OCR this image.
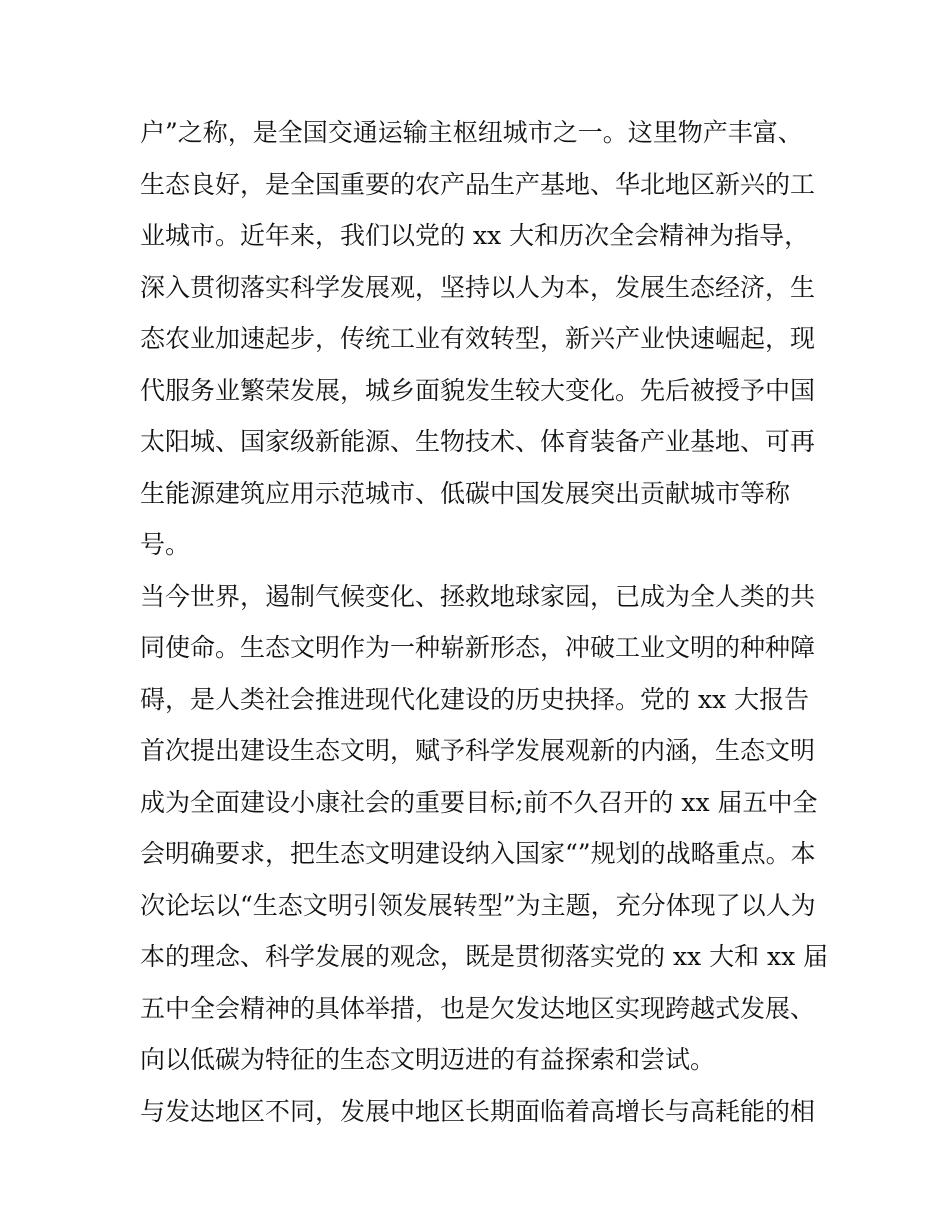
户”之称，是全国交通运输主枢纽城市之一。这里物产丰富、

生态良好，是全国重要的农产品生产基地、华北地区新兴的工

业城市。近年来，我们以党的 xx 大和历次全会精神为指导，

深入贯彻落实科学发展观，坚持以人为本，发展生态经济，生

态农业加速起步，传统工业有效转型，新兴产业快速崛起，现

代服务业繁荣发展，城乡面貌发生较大变化。先后被授予中国

太阳城、国家级新能源、生物技术、体育装备产业基地、可再

生能源建筑应用示范城市、低碳中国发展突出贡献城市等称

号。

当今世界，遏制气候变化、拯救地球家园，已成为全人类的共

同使命。生态文明作为一种崭新形态，冲破工业文明的种种障

碍，是人类社会推进现代化建设的历史抉择。党的 xx 大报告

首次提出建设生态文明，赋予科学发展观新的内涵，生态文明

成为全面建设小康社会的重要目标;前不久召开的 xx 届五中全

会明确要求，把生态文明建设纳入国家“”规划的战略重点。本

次论坛以“生态文明引领发展转型”为主题，充分体现了以人为

本的理念、科学发展的观念，既是贯彻落实党的 xx 大和 xx 届

五中全会精神的具体举措，也是欠发达地区实现跨越式发展、

向以低碳为特征的生态文明迈进的有益探索和尝试。

与发达地区不同，发展中地区长期面临着高增长与高耗能的相
